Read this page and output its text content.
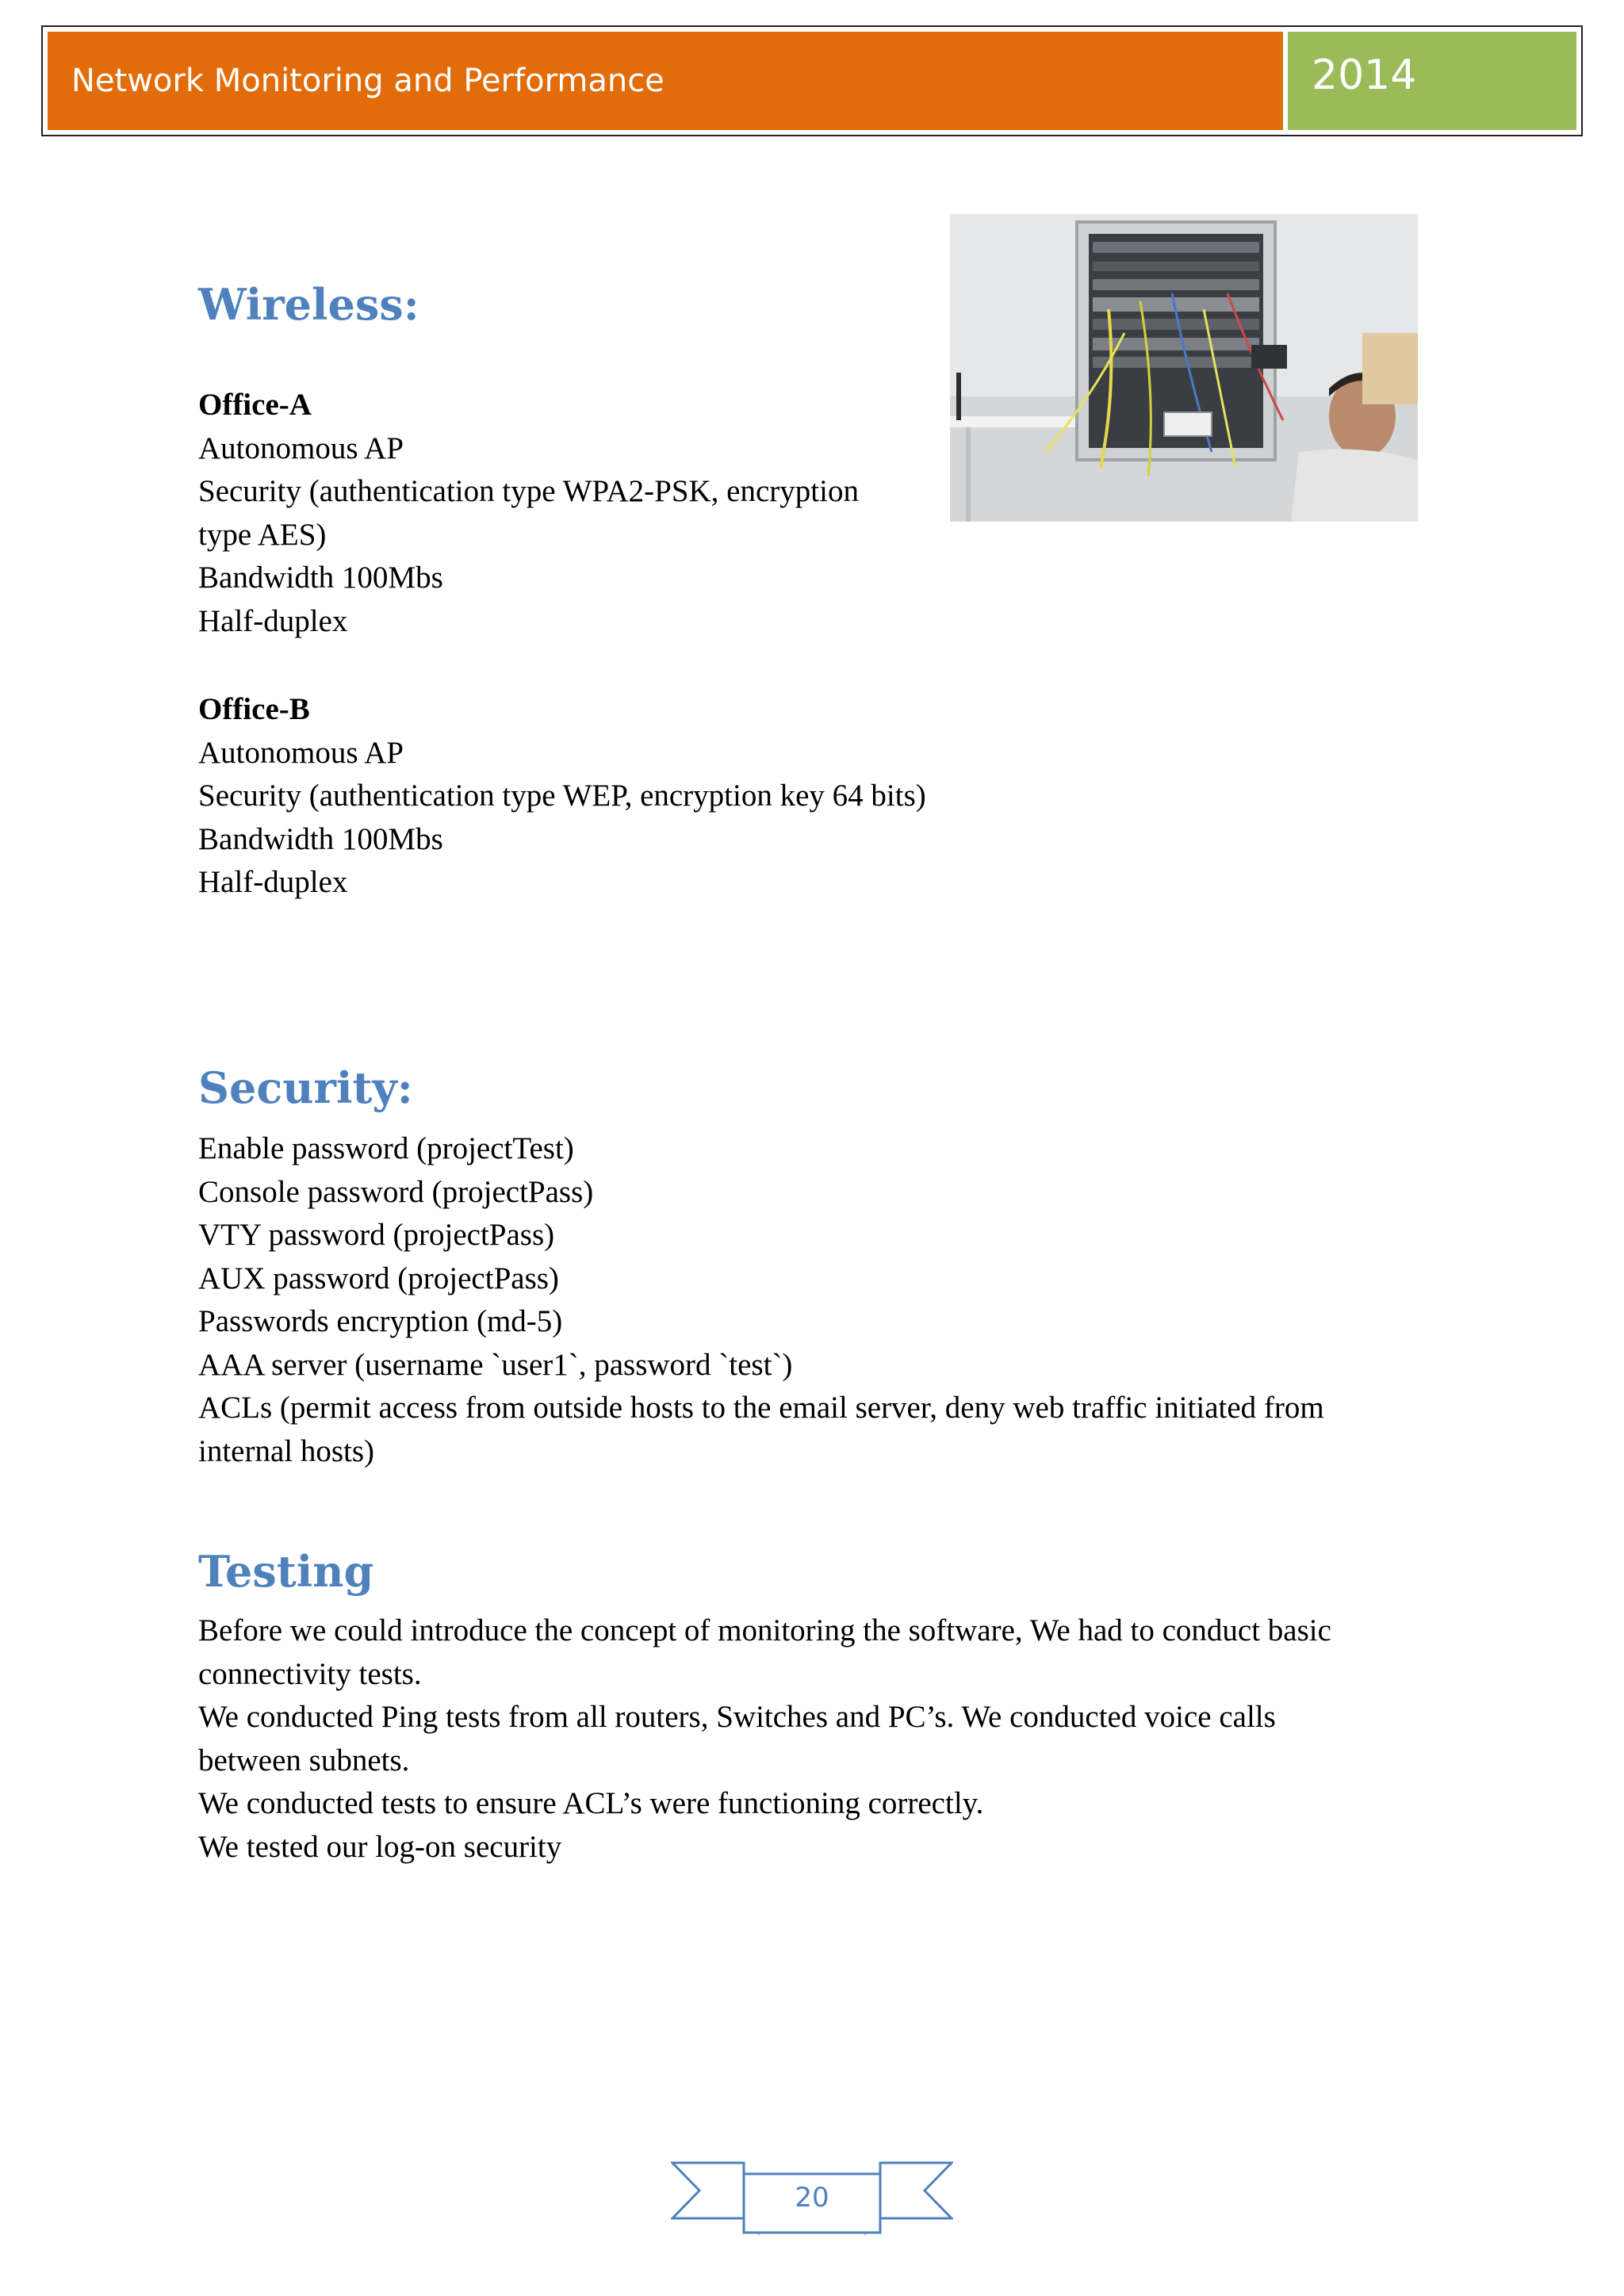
Network Monitoring and Performance	2014
Wireless:

Office-A

Autonomous AP

Security (authentication type WPA2-PSK, encryption

type AES)

Bandwidth 100Mbs

Half-duplex

Office-B

Autonomous AP

Security (authentication type WEP, encryption key 64 bits)

Bandwidth 100Mbs

Half-duplex

Security:

Enable password (projectTest)

Console password (projectPass)

VTY password (projectPass)

AUX password (projectPass)

Passwords encryption (md-5)

AAA server (username `user1`, password `test`)

ACLs (permit access from outside hosts to the email server, deny web traffic initiated from

internal hosts)

Testing

Before we could introduce the concept of monitoring the software, We had to conduct basic

connectivity tests.

We conducted Ping tests from all routers, Switches and PC’s. We conducted voice calls

between subnets.

We conducted tests to ensure ACL’s were functioning correctly.

We tested our log-on security

20
